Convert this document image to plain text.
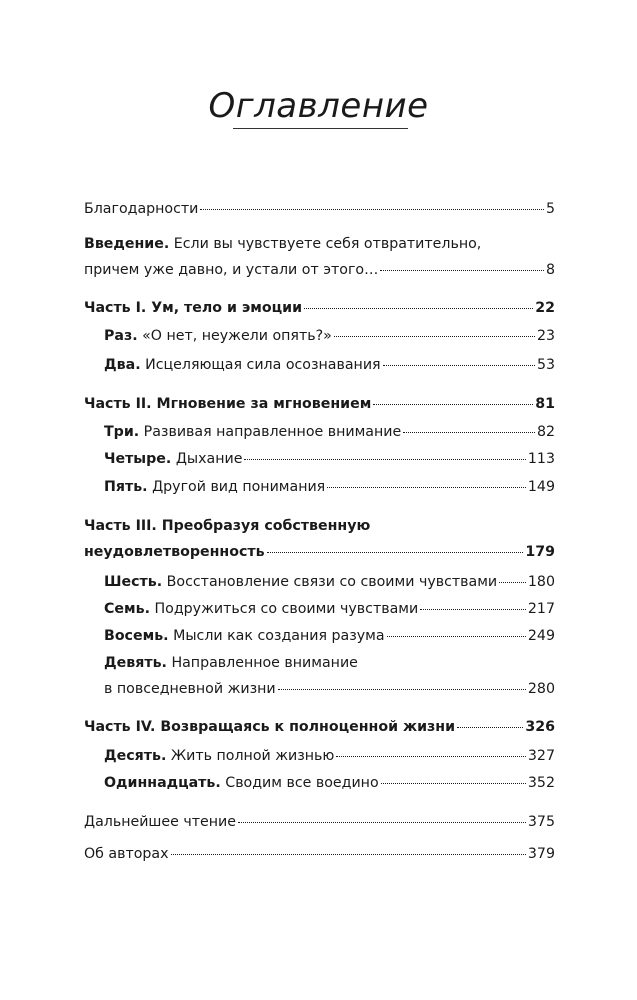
Оглавление
Благодарности	5
Введение. Если вы чувствуете себя отвратительно,
причем уже давно, и устали от этого…	8
Часть I. Ум, тело и эмоции	22
Раз. «О нет, неужели опять?»	23
Два. Исцеляющая сила осознавания	53
Часть II. Мгновение за мгновением	81
Три. Развивая направленное внимание	82
Четыре. Дыхание	113
Пять. Другой вид понимания	149
Часть III. Преобразуя собственную
неудовлетворенность	179
Шесть. Восстановление связи со своими чувствами 180
Семь. Подружиться со своими чувствами	217
Восемь. Мысли как создания разума	249
Девять. Направленное внимание
в повседневной жизни	280
Часть IV. Возвращаясь к полноценной жизни	326
Десять. Жить полной жизнью	327
Одиннадцать. Сводим все воедино	352
Дальнейшее чтение	375
Об авторах	379
